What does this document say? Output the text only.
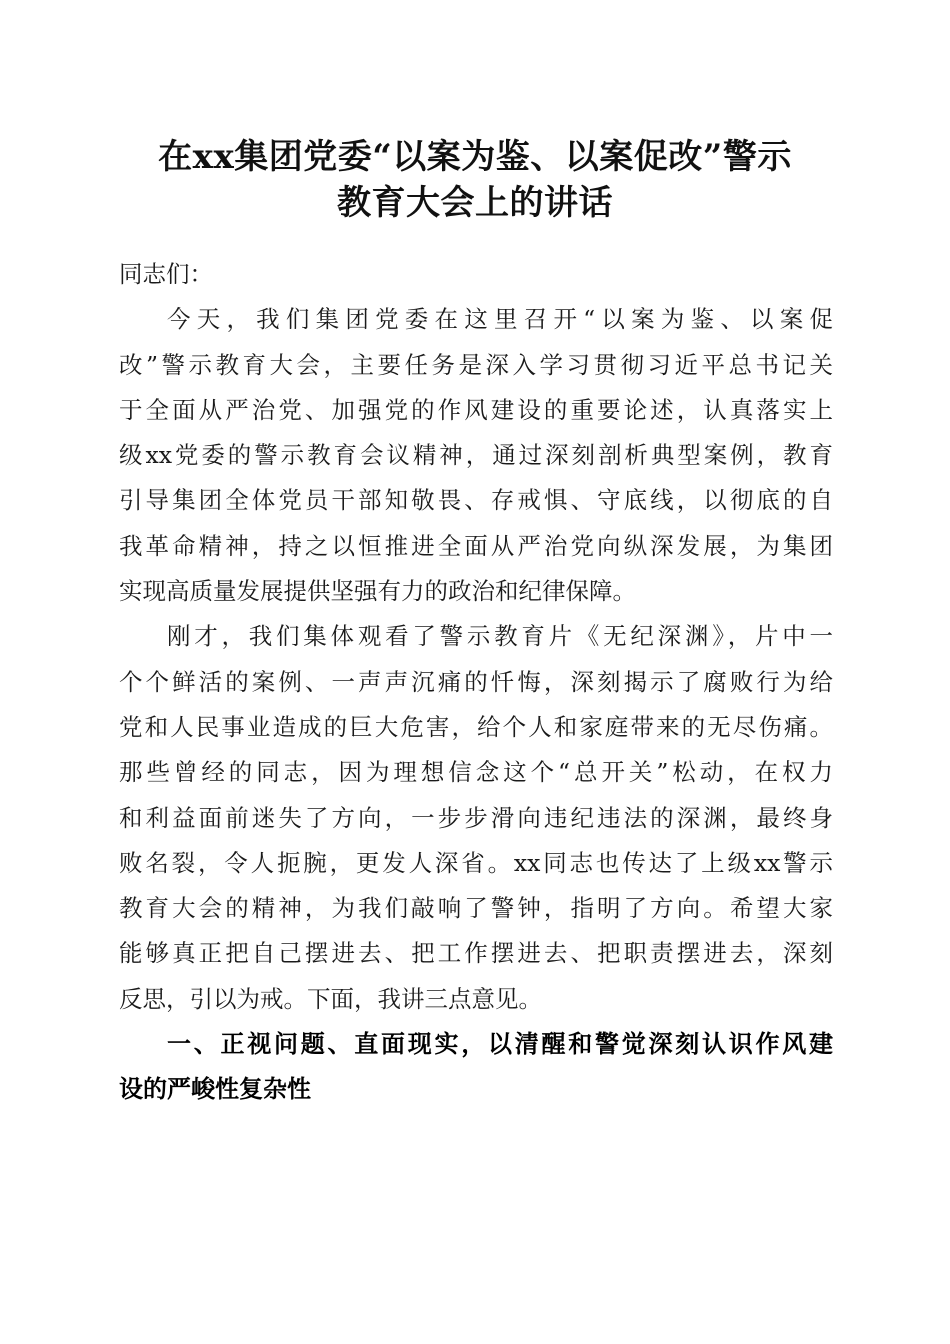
在xx集团党委“以案为鉴、以案促改”警示
教育大会上的讲话
同志们：
今天，我们集团党委在这里召开“以案为鉴、以案促
改”警示教育大会，主要任务是深入学习贯彻习近平总书记关
于全面从严治党、加强党的作风建设的重要论述，认真落实上
级xx党委的警示教育会议精神，通过深刻剖析典型案例，教育
引导集团全体党员干部知敬畏、存戒惧、守底线，以彻底的自
我革命精神，持之以恒推进全面从严治党向纵深发展，为集团
实现高质量发展提供坚强有力的政治和纪律保障。
刚才，我们集体观看了警示教育片《无纪深渊》，片中一
个个鲜活的案例、一声声沉痛的忏悔，深刻揭示了腐败行为给
党和人民事业造成的巨大危害，给个人和家庭带来的无尽伤痛。
那些曾经的同志，因为理想信念这个“总开关”松动，在权力
和利益面前迷失了方向，一步步滑向违纪违法的深渊，最终身
败名裂，令人扼腕，更发人深省。xx同志也传达了上级xx警示
教育大会的精神，为我们敲响了警钟，指明了方向。希望大家
能够真正把自己摆进去、把工作摆进去、把职责摆进去，深刻
反思，引以为戒。下面，我讲三点意见。
一、正视问题、直面现实，以清醒和警觉深刻认识作风建
设的严峻性复杂性
